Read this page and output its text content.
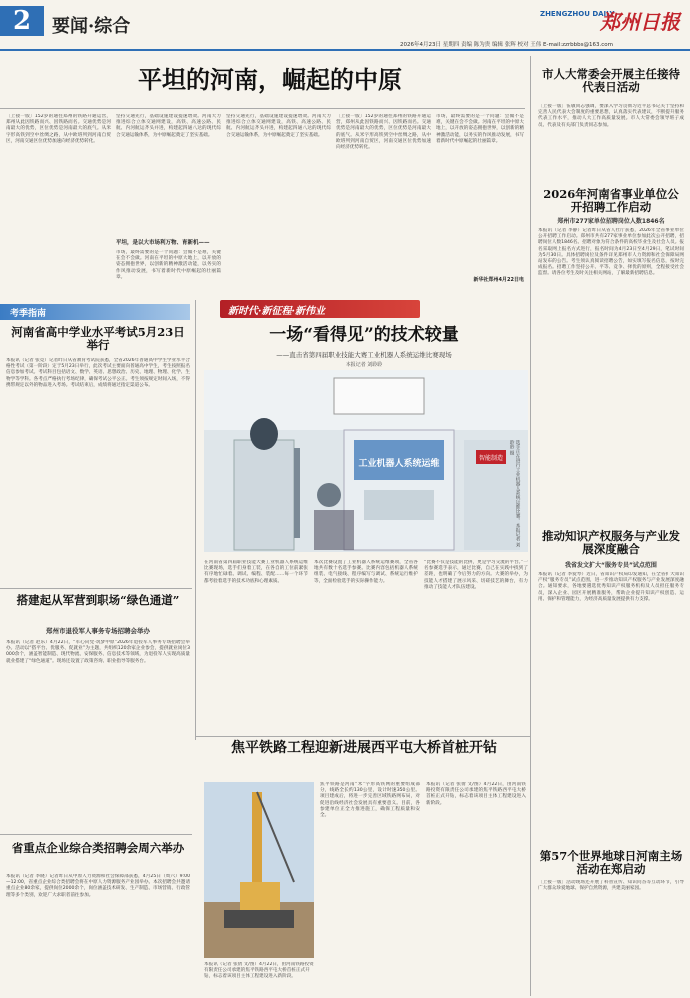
2	要闻·综合
ZHENGZHOU DAILY
郑州日报
2026年4月23日 星期四 责编 陈为贵 编辑 张辉 校对 王伟 E-mail:zzrbbbs@163.com
平坦的河南，崛起的中原
〔上接一版〕152岁的通往郑州的铁路开通运营，郑州从此因铁路而兴、因铁路而名。交通优势是河南最大的优势，区位优势是河南最大的底气。从米字形高铁到空中丝绸之路，从中欧班列到河南自贸区，河南交通区位优势加速向经济优势转化。
坚持交通先行，基础设施建设提速增效。河南大力推进综合立体交通网建设，高铁、高速公路、民航、内河航运齐头并进，构建起四通八达的现代综合交通运输体系，为中原崛起奠定了坚实基础。
平坦，是以大市场利万物、育新机——
市场，最终需要的是一个问题：会做不是难，关键在会不会做。河南在平坦的中原大地上，以开放的姿态拥抱世界，以创新的精神激活动能，以务实的作风推动发展，书写着新时代中原崛起的壮丽篇章。
坚持交通先行，基础设施建设提速增效。河南大力推进综合立体交通网建设，高铁、高速公路、民航、内河航运齐头并进，构建起四通八达的现代综合交通运输体系，为中原崛起奠定了坚实基础。
〔上接一版〕152岁的通往郑州的铁路开通运营，郑州从此因铁路而兴、因铁路而名。交通优势是河南最大的优势，区位优势是河南最大的底气。从米字形高铁到空中丝绸之路，从中欧班列到河南自贸区，河南交通区位优势加速向经济优势转化。
市场，最终需要的是一个问题：会做不是难，关键在会不会做。河南在平坦的中原大地上，以开放的姿态拥抱世界，以创新的精神激活动能，以务实的作风推动发展，书写着新时代中原崛起的壮丽篇章。
新华社郑州4月22日电
市人大常委会开展主任接待代表日活动
〔上接一版〕伍敏同志强调，要深入学习贯彻习近平总书记关于坚持和完善人民代表大会制度的重要思想，认真落实代表建议，不断提升服务代表工作水平，推动人大工作高质量发展。市人大常委会领导班子成员、代表及有关部门负责同志参加。
2026年河南省事业单位公开招聘工作启动
郑州市277家单位招聘岗位人数1846名
本报讯（记者 李静）记者昨日从省人社厅获悉，2026年全省事业单位公开招聘工作启动。郑州市共有277家事业单位参加此次公开招聘，招聘岗位人数1846名。招聘对象为符合条件的高校毕业生及社会人员。报名采取网上报名方式进行，报名时间为4月23日至4月29日，笔试时间为5月30日。具体招聘岗位及条件详见郑州市人力资源和社会保障局网站发布的公告。考生须认真阅读招聘公告，如实填写报名信息，按时完成报名。招聘工作坚持公开、平等、竞争、择优的原则，全程接受社会监督。请各位考生及时关注相关网站，了解最新招聘信息。
推动知识产权服务与产业发展深度融合
我省发文扩大“服务专员”试点范围
本报讯（记者 李爱琴）近日，省知识产权局印发通知，在全省扩大知识产权“服务专员”试点范围，进一步推动知识产权服务与产业发展深度融合。通知要求，各地要遴选优秀知识产权服务机构及人员担任服务专员，深入企业、园区开展精准服务，帮助企业提升知识产权创造、运用、保护和管理能力，为经济高质量发展提供有力支撑。
第57个世界地球日河南主场活动在郑启动
〔上接一版〕活动现场还开展了科普宣传、知识问答等互动环节，引导广大群众珍爱地球、保护自然资源，共建美丽家园。
考季指南
河南省高中学业水平考试5月23日举行
本报讯（记者 张竞）记者昨日从省教育考试院获悉，全省2026年普通高中学生学业水平合格性考试（第一阶段）定于5月23日举行，此次考试主要面向普通高中学生，考生按照报名信息参加考试。考试科目包括语文、数学、英语、思想政治、历史、地理、物理、化学、生物学等学科。各考点严格执行考场纪律，确保考试公平公正。考生须按规定时间入场，不得携带规定以外的物品进入考场。考试结束后，成绩将通过指定渠道公布。
搭建起从军营到职场“绿色通道”
郑州市退役军人事务专场招聘会举办
本报讯（记者 赵乐）4月22日，“军心向党·筑梦中原”2026年退役军人事务专场招聘会举办。活动以“搭平台、优服务、促就业”为主题，共组织120余家企业参会，提供就业岗位3000余个，涵盖智能制造、现代物流、安保服务、信息技术等领域，为退役军人实现高质量就业搭建了“绿色通道”。现场还设置了政策咨询、职业指导等服务台。
省重点企业综合类招聘会周六举办
本报讯（记者 李晓）记者昨日从中原人力资源和社会保障部获悉，4月25日（周六）9:00—12:00，省重点企业综合类招聘会将在中原人力资源服务产业园举办。本次招聘会共邀请重点企业80余家，提供岗位2000余个，岗位涵盖技术研发、生产制造、市场营销、行政管理等多个类别，欢迎广大求职者前往参加。
新时代·新征程·新伟业
一场“看得见”的技术较量
——直击省第四届职业技能大赛工业机器人系统运维比赛现场
本报记者 刘聆聆
工业机器人系统运维
智能制造	选手正在进行工业机器人系统运维比赛。本报记者 刘聆聆 摄
在河南省第四届职业技能大赛工业机器人系统运维比赛现场，选手们身着工装，在各自的工位前紧张有序地忙碌着。调试、编程、装配……每一个环节都考验着选手的技术功底和心理素质。
本次比赛设置了工业机器人系统运维赛项，全省各地共有数十名选手参赛。比赛内容包括机器人系统组装、电气接线、程序编写与调试、系统运行维护等，全面检验选手的实际操作能力。
“比赛不仅是技能的比拼，更是学习交流的平台。”一名参赛选手表示，通过比赛，自己在实践中找到了差距，也明确了今后努力的方向。大赛的举办，为技能人才搭建了展示风采、切磋技艺的舞台，有力推动了技能人才队伍建设。
焦平铁路工程迎新进展西平屯大桥首桩开钻
本报讯（记者 张倩 文/图）4月22日，由河南铁路投资有限责任公司承建的焦平铁路西平屯大桥首桩正式开钻，标志着该项目主体工程建设进入新阶段。
焦平铁路是河南“米”字形高铁网的重要组成部分，线路全长约130公里，设计时速350公里。项目建成后，将进一步完善区域铁路网布局，对促进沿线经济社会发展具有重要意义。目前，各参建单位正全力推进施工，确保工程质量和安全。
本报讯（记者 张倩 文/图）4月22日，由河南铁路投资有限责任公司承建的焦平铁路西平屯大桥首桩正式开钻，标志着该项目主体工程建设进入新阶段。
